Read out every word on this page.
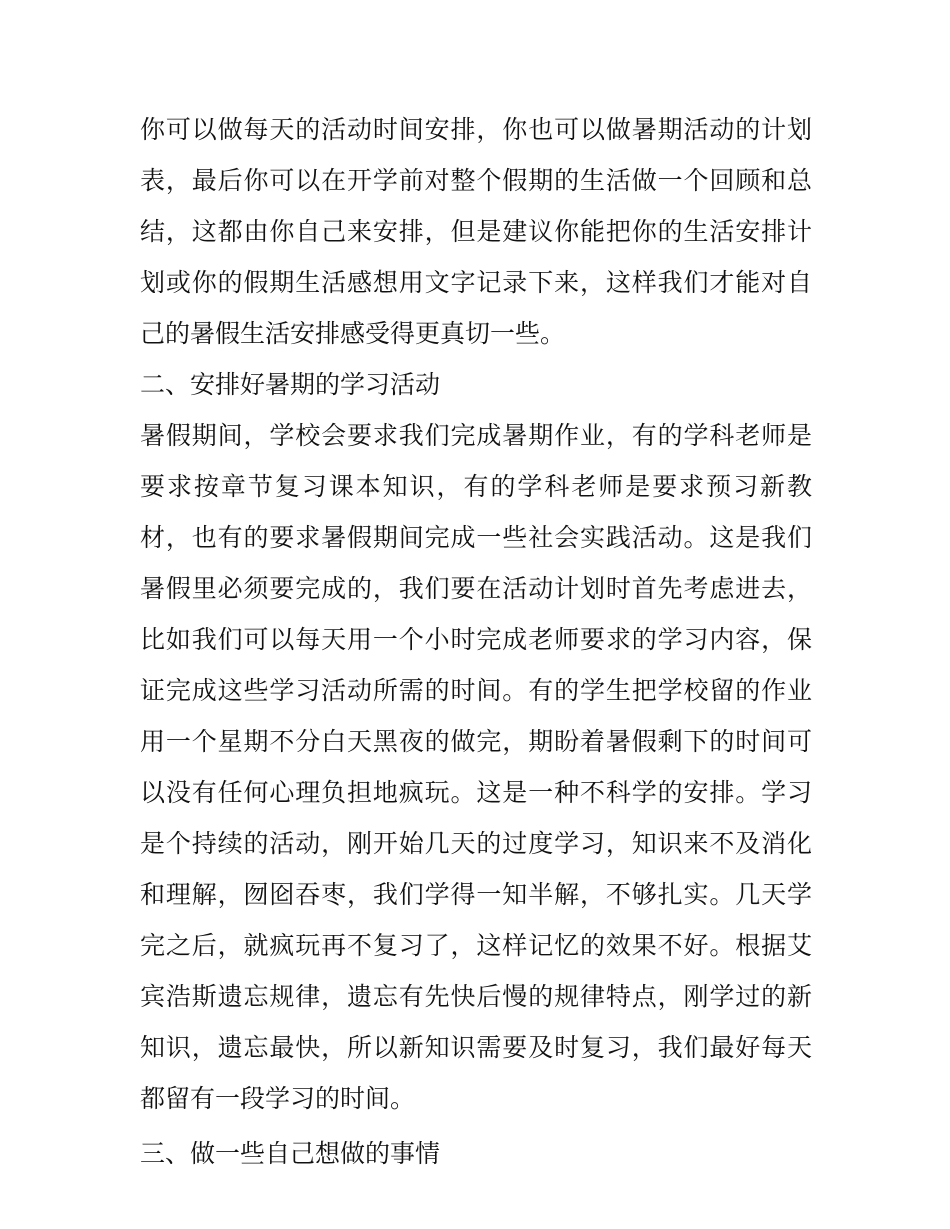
你可以做每天的活动时间安排，你也可以做暑期活动的计划表，最后你可以在开学前对整个假期的生活做一个回顾和总结，这都由你自己来安排，但是建议你能把你的生活安排计划或你的假期生活感想用文字记录下来，这样我们才能对自己的暑假生活安排感受得更真切一些。

二、安排好暑期的学习活动

暑假期间，学校会要求我们完成暑期作业，有的学科老师是要求按章节复习课本知识，有的学科老师是要求预习新教材，也有的要求暑假期间完成一些社会实践活动。这是我们暑假里必须要完成的，我们要在活动计划时首先考虑进去，比如我们可以每天用一个小时完成老师要求的学习内容，保证完成这些学习活动所需的时间。有的学生把学校留的作业用一个星期不分白天黑夜的做完，期盼着暑假剩下的时间可以没有任何心理负担地疯玩。这是一种不科学的安排。学习是个持续的活动，刚开始几天的过度学习，知识来不及消化和理解，囫囵吞枣，我们学得一知半解，不够扎实。几天学完之后，就疯玩再不复习了，这样记忆的效果不好。根据艾宾浩斯遗忘规律，遗忘有先快后慢的规律特点，刚学过的新知识，遗忘最快，所以新知识需要及时复习，我们最好每天都留有一段学习的时间。

三、做一些自己想做的事情
